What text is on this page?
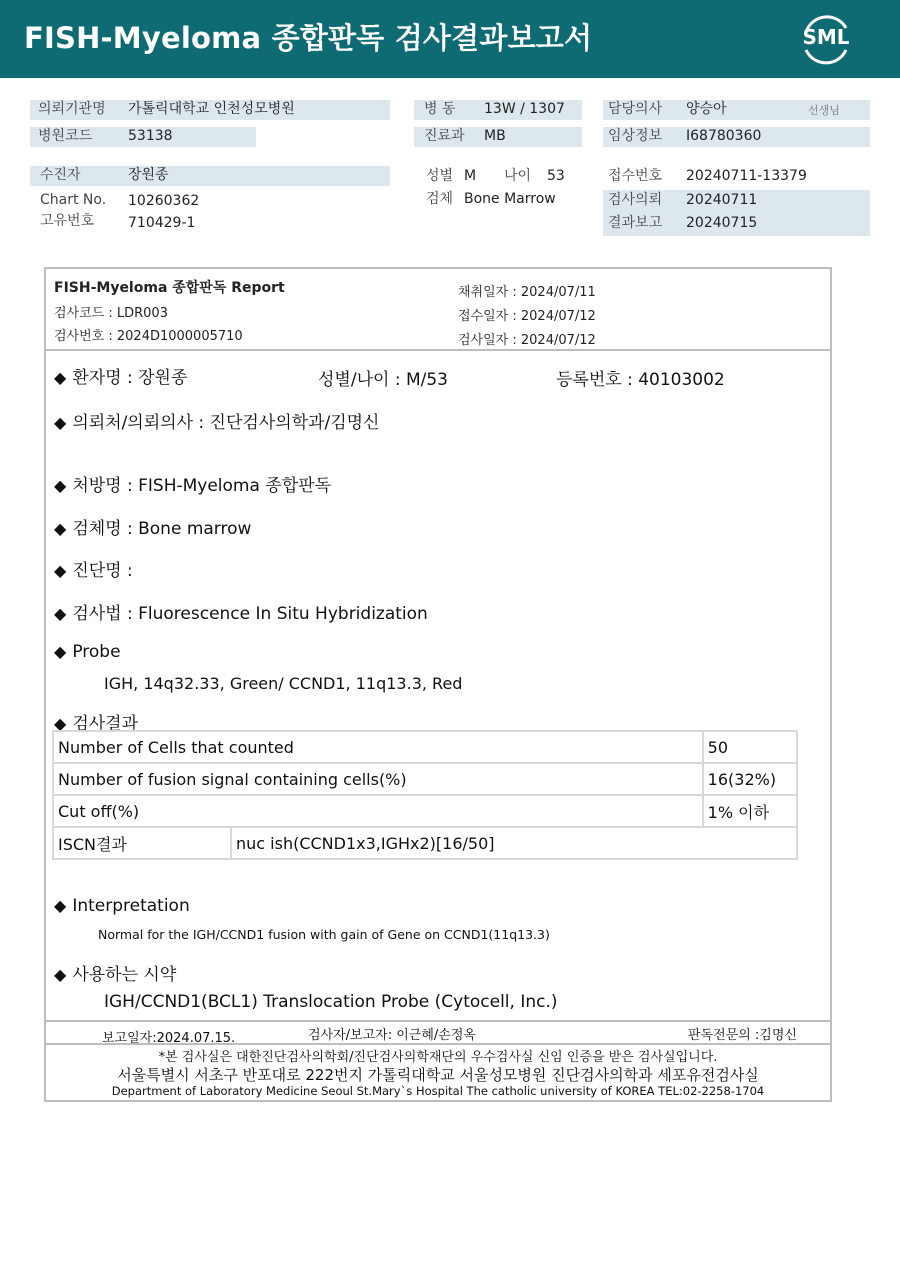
FISH-Myeloma 종합판독 검사결과보고서	SML
의뢰기관명 가톨릭대학교 인천성모병원
병원코드	53138
병 동 13W / 1307
진료과 MB
담당의사 양승아	선생님
임상정보 I68780360
수진자	장원종
Chart No. 10260362
고유번호 710429-1
성별 M 나이 53
검체 Bone Marrow
접수번호 20240711-13379
검사의뢰 20240711
결과보고 20240715
FISH-Myeloma 종합판독 Report
검사코드 : LDR003
검사번호 : 2024D1000005710
채취일자 : 2024/07/11
접수일자 : 2024/07/12
검사일자 : 2024/07/12
◆ 환자명 : 장원종	성별/나이 : M/53	등록번호 : 40103002
◆ 의뢰처/의뢰의사 : 진단검사의학과/김명신
◆ 처방명 : FISH-Myeloma 종합판독
◆ 검체명 : Bone marrow
◆ 진단명 :
◆ 검사법 : Fluorescence In Situ Hybridization
◆ Probe
IGH, 14q32.33, Green/ CCND1, 11q13.3, Red
◆ 검사결과
Number of Cells that counted		50
Number of fusion signal containing cells(%)		16(32%)
Cut off(%)		1% 이하
ISCN결과	nuc ish(CCND1x3,IGHx2)[16/50]	
◆ Interpretation
Normal for the IGH/CCND1 fusion with gain of Gene on CCND1(11q13.3)
◆ 사용하는 시약
IGH/CCND1(BCL1) Translocation Probe (Cytocell, Inc.)
보고일자:2024.07.15.	검사자/보고자: 이근혜/손정옥	판독전문의 :김명신
*본 검사실은 대한진단검사의학회/진단검사의학재단의 우수검사실 신임 인증을 받은 검사실입니다.
서울특별시 서초구 반포대로 222번지 가톨릭대학교 서울성모병원 진단검사의학과 세포유전검사실
Department of Laboratory Medicine Seoul St.Mary`s Hospital The catholic university of KOREA TEL:02-2258-1704
